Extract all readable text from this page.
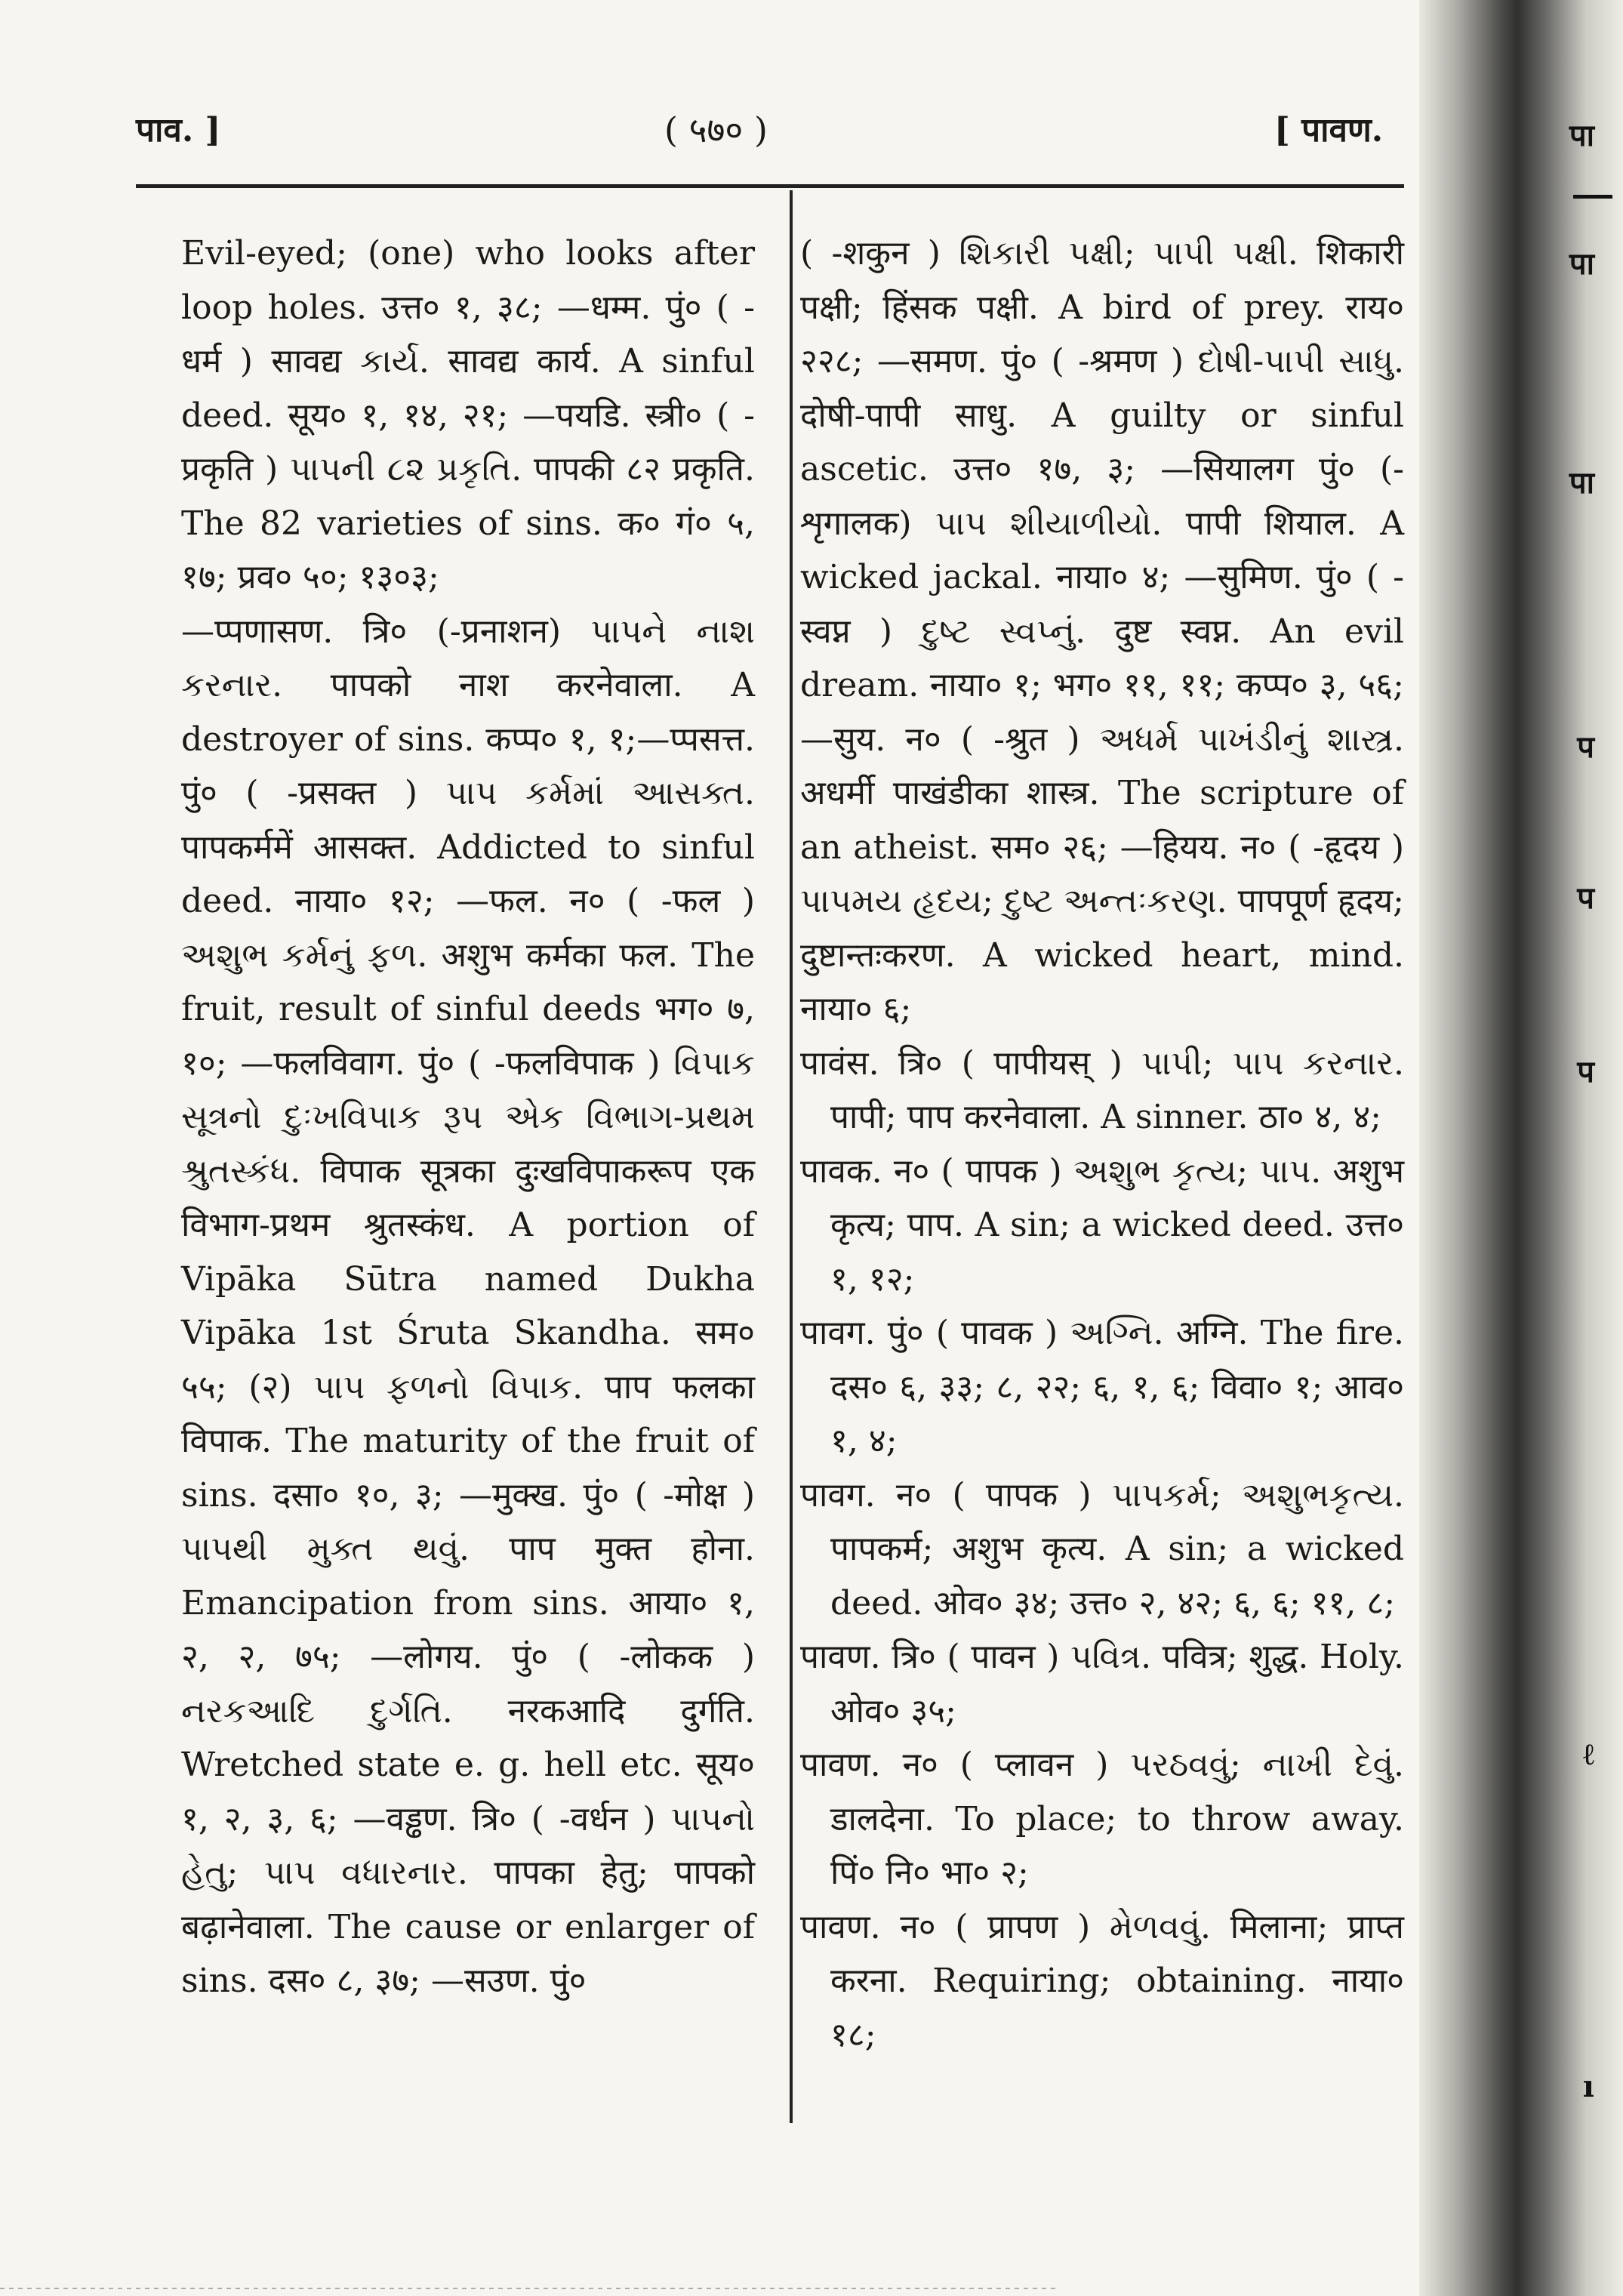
पाव. ]	( ५७० )	[ पावण.

Evil-eyed; (one) who looks after loop holes. उत्त० १, ३८; —धम्म. पुं० ( -धर्म ) सावद्य કાર્ય. सावद्य कार्य. A sinful deed. सूय० १, १४, २१; —पयडि. स्त्री० ( -प्रकृति ) પાપની ૮૨ પ્રકૃતિ. पापकी ८२ प्रकृति. The 82 varieties of sins. क० गं० ५, १७; प्रव० ५०; १३०३;

—प्पणासण. त्रि० (-प्रनाशन) પાપને નાશ કરનાર. पापको नाश करनेवाला. A destroyer of sins. कप्प० १, १;—प्पसत्त. पुं० ( -प्रसक्त ) પાપ કર્મમાં આસક્ત. पापकर्ममें आसक्त. Addicted to sinful deed. नाया० १२; —फल. न० ( -फल ) અશુભ કર્મનું ફળ. अशुभ कर्मका फल. The fruit, result of sinful deeds भग० ७, १०; —फलविवाग. पुं० ( -फलविपाक ) વિપાક સૂત્રનો દુઃખવિપાક રૂપ એક વિભાગ-પ્રથમ શ્રુતસ્કંધ. विपाक सूत्रका दुःखविपाकरूप एक विभाग-प्रथम श्रुतस्कंध. A portion of Vipāka Sūtra named Dukha Vipāka 1st Śruta Skandha. सम० ५५; (२) પાપ ફળનો વિપાક. पाप फलका विपाक. The maturity of the fruit of sins. दसा० १०, ३; —मुक्ख. पुं० ( -मोक्ष ) પાપથી મુક્ત થવું. पाप मुक्त होना. Emancipation from sins. आया० १, २, २, ७५; —लोगय. पुं० ( -लोकक ) નરકઆદિ દુર્ગતિ. नरकआदि दुर्गति. Wretched state e. g. hell etc. सूय० १, २, ३, ६; —वड्ढण. त्रि० ( -वर्धन ) પાપનો હેતુ; પાપ વધારનાર. पापका हेतु; पापको बढ़ानेवाला. The cause or enlarger of sins. दस० ८, ३७; —सउण. पुं०

( -शकुन ) શિકારી પક્ષી; પાપી પક્ષી. शिकारी पक्षी; हिंसक पक्षी. A bird of prey. राय० २२८; —समण. पुं० ( -श्रमण ) દોષી-પાપી સાધુ. दोषी-पापी साधु. A guilty or sinful ascetic. उत्त० १७, ३; —सियालग पुं० (-शृगालक) પાપ શીયાળીયો. पापी शियाल. A wicked jackal. नाया० ४; —सुमिण. पुं० ( -स्वप्न ) દુષ્ટ સ્વપ્નું. दुष्ट स्वप्न. An evil dream. नाया० १; भग० ११, ११; कप्प० ३, ५६; —सुय. न० ( -श्रुत ) અધર્મ પાખંડીનું શાસ્ત્ર. अधर्मी पाखंडीका शास्त्र. The scripture of an atheist. सम० २६; —हियय. न० ( -हृदय ) પાપમય હૃદય; દુષ્ટ અન્તઃકરણ. पापपूर्ण हृदय; दुष्टान्तःकरण. A wicked heart, mind. नाया० ६;

पावंस. त्रि० ( पापीयस् ) પાપી; પાપ કરનાર. पापी; पाप करनेवाला. A sinner. ठा० ४, ४;

पावक. न० ( पापक ) અશુભ કૃત્ય; પાપ. अशुभ कृत्य; पाप. A sin; a wicked deed. उत्त० १, १२;

पावग. पुं० ( पावक ) અગ્નિ. अग्नि. The fire. दस० ६, ३३; ८, २२; ६, १, ६; विवा० १; आव० १, ४;

पावग. न० ( पापक ) પાપકર્મ; અશુભકૃત્ય. पापकर्म; अशुभ कृत्य. A sin; a wicked deed. ओव० ३४; उत्त० २, ४२; ६, ६; ११, ८;

पावण. त्रि० ( पावन ) પવિત્ર. पवित्र; शुद्ध. Holy. ओव० ३५;

पावण. न० ( प्लावन ) પરઠવવું; નાખી દેવું. डालदेना. To place; to throw away. पिं० नि० भा० २;

पावण. न० ( प्रापण ) મેળવવું. मिलाना; प्राप्त करना. Requiring; obtaining. नाया० १८;

पा
पा
पा
प
प
प
ℓ
ı
